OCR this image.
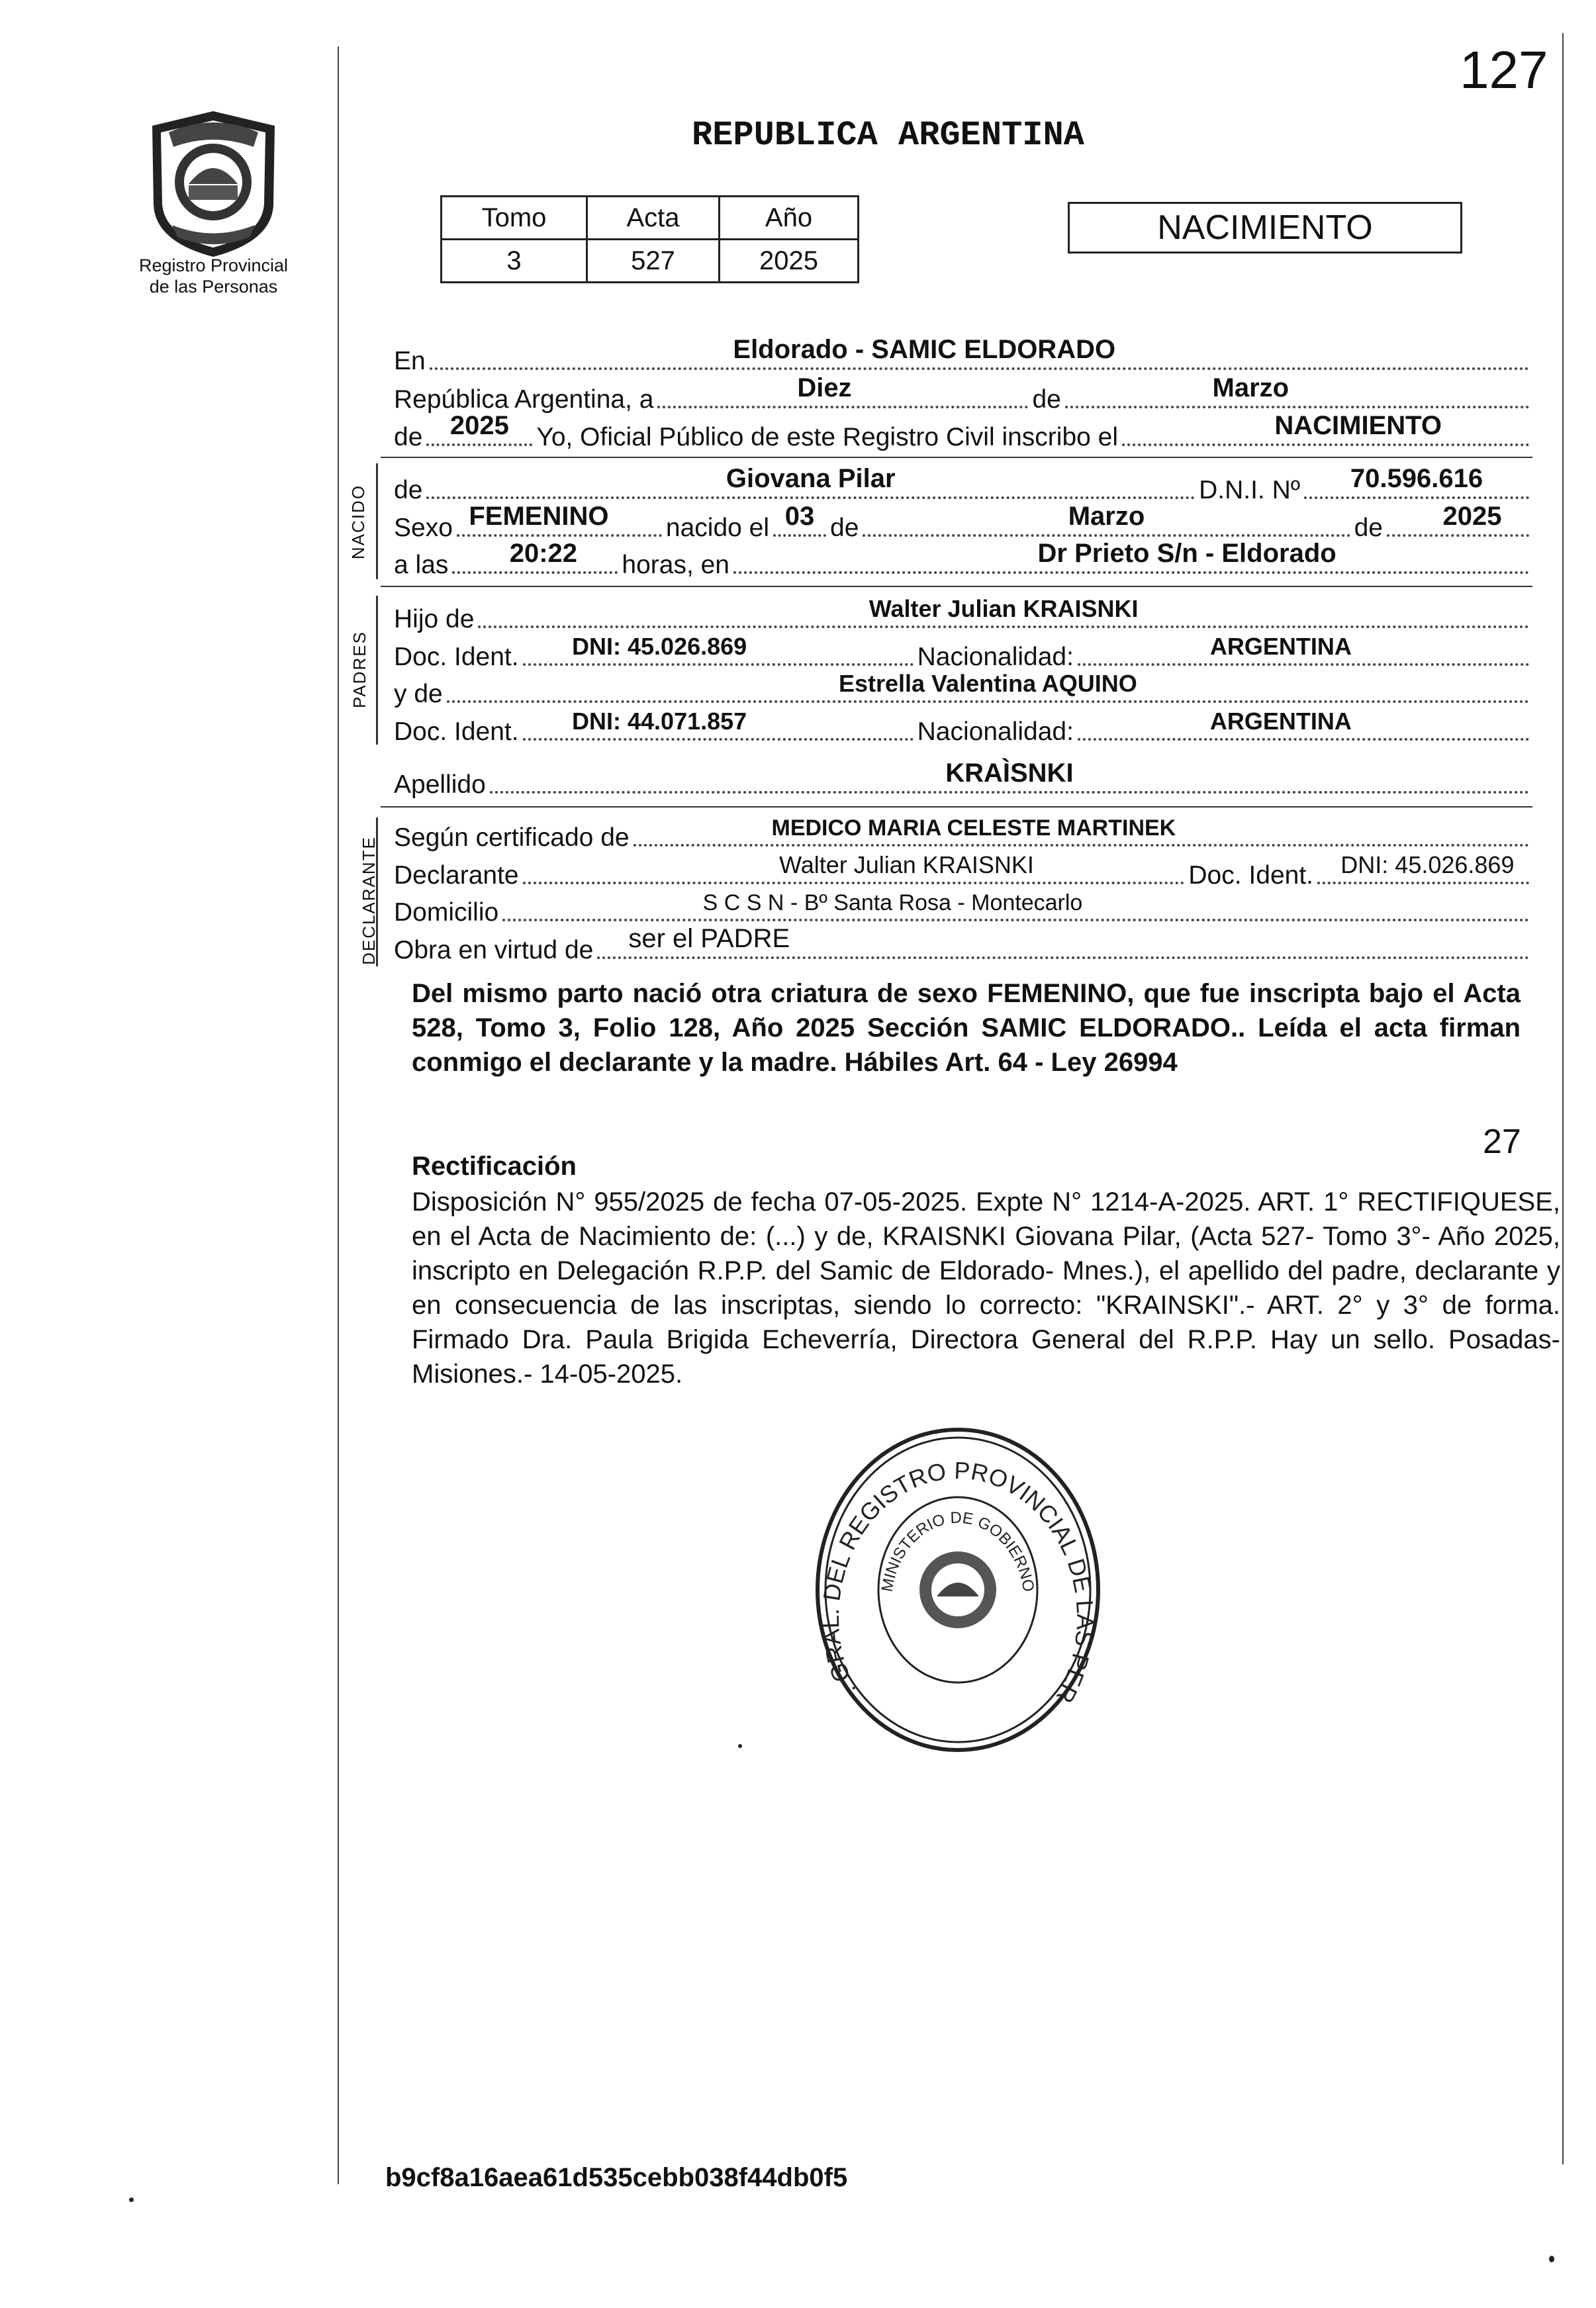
127
Registro Provincial
de las Personas
REPUBLICA ARGENTINA
Tomo	Acta	Año
3	527	2025
NACIMIENTO
En	Eldorado - SAMIC ELDORADO
República Argentina, a	Diez	de	Marzo
de 2025 Yo, Oficial Público de este Registro Civil inscribo el	NACIMIENTO
NACIDO de	Giovana Pilar	D.N.I. Nº 70.596.616
Sexo FEMENINO nacido el 03 de	Marzo	de 2025
a las 20:22 horas, en	Dr Prieto S/n - Eldorado
PADRES
Hijo de	Walter Julian KRAISNKI
Doc. Ident. DNI: 45.026.869	Nacionalidad:	ARGENTINA
y de	Estrella Valentina AQUINO
Doc. Ident. DNI: 44.071.857	Nacionalidad:	ARGENTINA
Apellido	KRAÌSNKI
DECLARANTE Según certificado de	MEDICO MARIA CELESTE MARTINEK
Declarante	Walter Julian KRAISNKI	Doc. Ident. DNI: 45.026.869
Domicilio	S C S N - Bº Santa Rosa - Montecarlo
Obra en virtud de ser el PADRE
Del mismo parto nació otra criatura de sexo FEMENINO, que fue inscripta bajo el Acta 528, Tomo 3, Folio 128, Año 2025 Sección SAMIC ELDORADO.. Leída el acta firman conmigo el declarante y la madre. Hábiles Art. 64 - Ley 26994
27
Rectificación
Disposición N° 955/2025 de fecha 07-05-2025. Expte N° 1214-A-2025. ART. 1° RECTIFIQUESE, en el Acta de Nacimiento de: (...) y de, KRAISNKI Giovana Pilar, (Acta 527- Tomo 3°- Año 2025, inscripto en Delegación R.P.P. del Samic de Eldorado- Mnes.), el apellido del padre, declarante y en consecuencia de las inscriptas, siendo lo correcto: "KRAINSKI".- ART. 2° y 3° de forma. Firmado Dra. Paula Brigida Echeverría, Directora General del R.P.P. Hay un sello. Posadas- Misiones.- 14-05-2025.
. GRAL. DEL REGISTRO PROVINCIAL DE LAS PER
MINISTERIO DE GOBIERNO
b9cf8a16aea61d535cebb038f44db0f5
